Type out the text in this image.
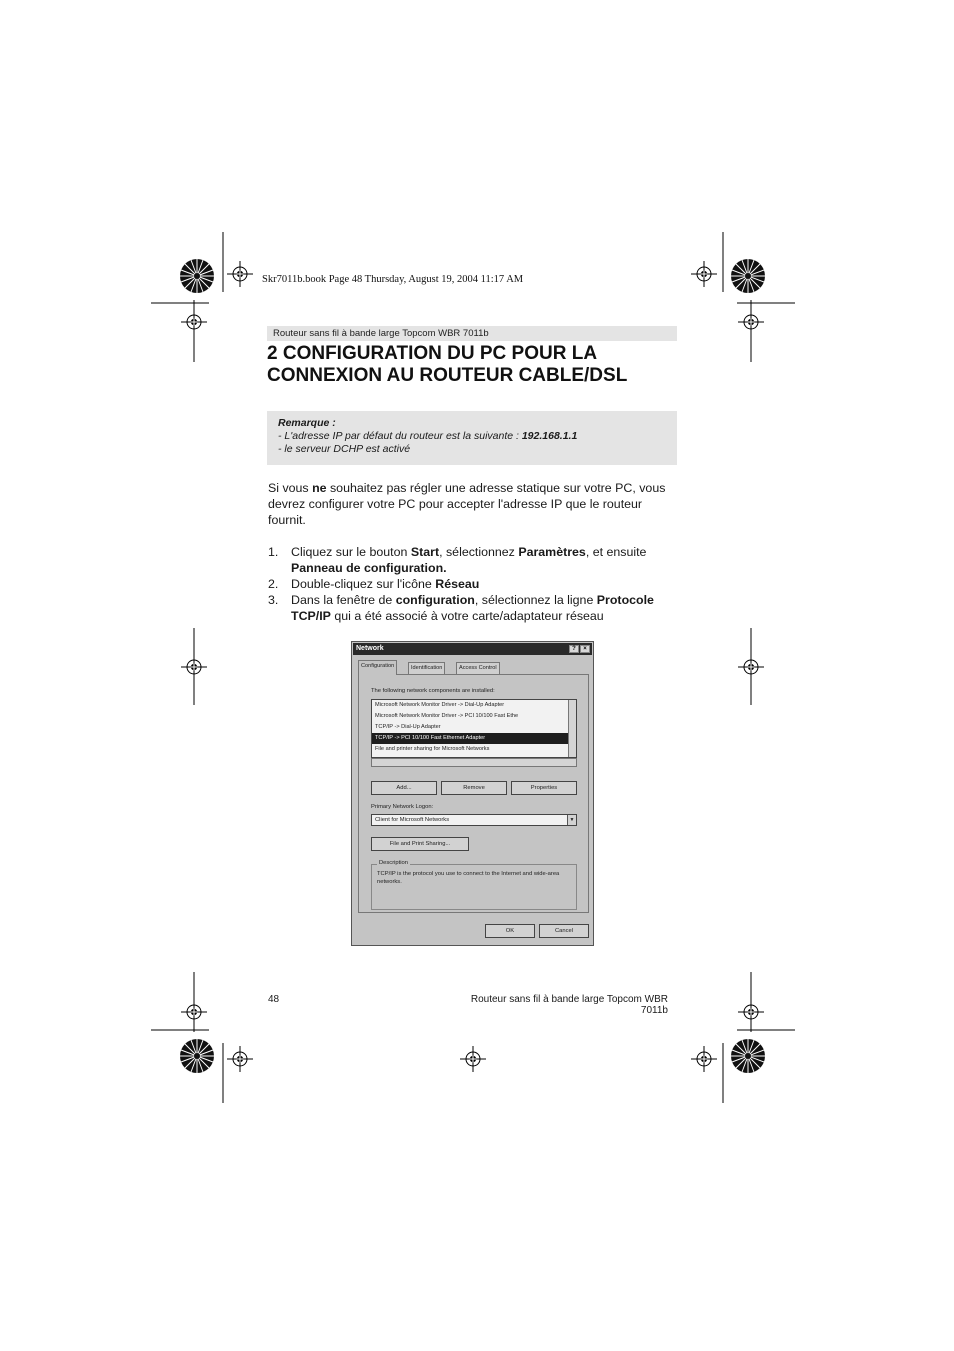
Skr7011b.book Page 48 Thursday, August 19, 2004 11:17 AM
Routeur sans fil à bande large Topcom WBR 7011b
2 CONFIGURATION DU PC POUR LA
CONNEXION AU ROUTEUR CABLE/DSL
Remarque :
- L'adresse IP par défaut du routeur est la suivante : 192.168.1.1
- le serveur DCHP est activé

Si vous ne souhaitez pas régler une adresse statique sur votre PC, vous devrez configurer votre PC pour accepter l'adresse IP que le routeur fournit.

1. Cliquez sur le bouton Start, sélectionnez Paramètres, et ensuite
Panneau de configuration.
2. Double-cliquez sur l'icône Réseau
3. Dans la fenêtre de configuration, sélectionnez la ligne Protocole TCP/IP qui a été associé à votre carte/adaptateur réseau
Network	?	×
Configuration	Identification	Access Control
The following network components are installed:
Microsoft Network Monitor Driver -> Dial-Up Adapter
Microsoft Network Monitor Driver -> PCI 10/100 Fast Ethe
TCP/IP -> Dial-Up Adapter
TCP/IP -> PCI 10/100 Fast Ethernet Adapter
File and printer sharing for Microsoft Networks
Add...	Remove	Properties
Primary Network Logon:
Client for Microsoft Networks	▼
File and Print Sharing...
Description
TCP/IP is the protocol you use to connect to the Internet and wide-area networks.
OK	Cancel
48	Routeur sans fil à bande large Topcom WBR 7011b
